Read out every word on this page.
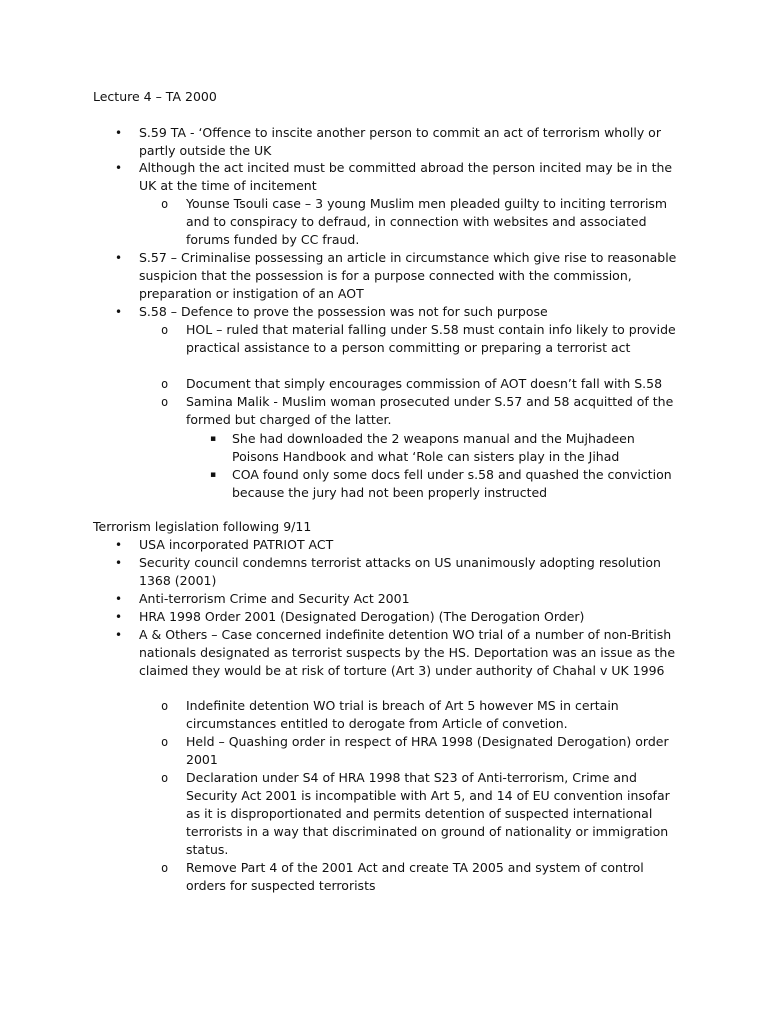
Lecture 4 – TA 2000
•	S.59 TA - ‘Offence to inscite another person to commit an act of terrorism wholly or partly outside the UK
•	Although the act incited must be committed abroad the person incited may be in the UK at the time of incitement
o	Younse Tsouli case – 3 young Muslim men pleaded guilty to inciting terrorism and to conspiracy to defraud, in connection with websites and associated forums funded by CC fraud.
•	S.57 – Criminalise possessing an article in circumstance which give rise to reasonable suspicion that the possession is for a purpose connected with the commission, preparation or instigation of an AOT
•	S.58 – Defence to prove the possession was not for such purpose
o	HOL – ruled that material falling under S.58 must contain info likely to provide practical assistance to a person committing or preparing a terrorist act
o	Document that simply encourages commission of AOT doesn’t fall with S.58
o	Samina Malik - Muslim woman prosecuted under S.57 and 58 acquitted of the formed but charged of the latter.
▪	She had downloaded the 2 weapons manual and the Mujhadeen Poisons Handbook and what ‘Role can sisters play in the Jihad
▪	COA found only some docs fell under s.58 and quashed the conviction because the jury had not been properly instructed
Terrorism legislation following 9/11
•	USA incorporated PATRIOT ACT
•	Security council condemns terrorist attacks on US unanimously adopting resolution 1368 (2001)
•	Anti-terrorism Crime and Security Act 2001
•	HRA 1998 Order 2001 (Designated Derogation) (The Derogation Order)
•	A & Others – Case concerned indefinite detention WO trial of a number of non-British nationals designated as terrorist suspects by the HS. Deportation was an issue as the claimed they would be at risk of torture (Art 3) under authority of Chahal v UK 1996
o	Indefinite detention WO trial is breach of Art 5 however MS in certain circumstances entitled to derogate from Article of convetion.
o	Held – Quashing order in respect of HRA 1998 (Designated Derogation) order 2001
o	Declaration under S4 of HRA 1998 that S23 of Anti-terrorism, Crime and Security Act 2001 is incompatible with Art 5, and 14 of EU convention insofar as it is disproportionated and permits detention of suspected international terrorists in a way that discriminated on ground of nationality or immigration status.
o	Remove Part 4 of the 2001 Act and create TA 2005 and system of control orders for suspected terrorists
